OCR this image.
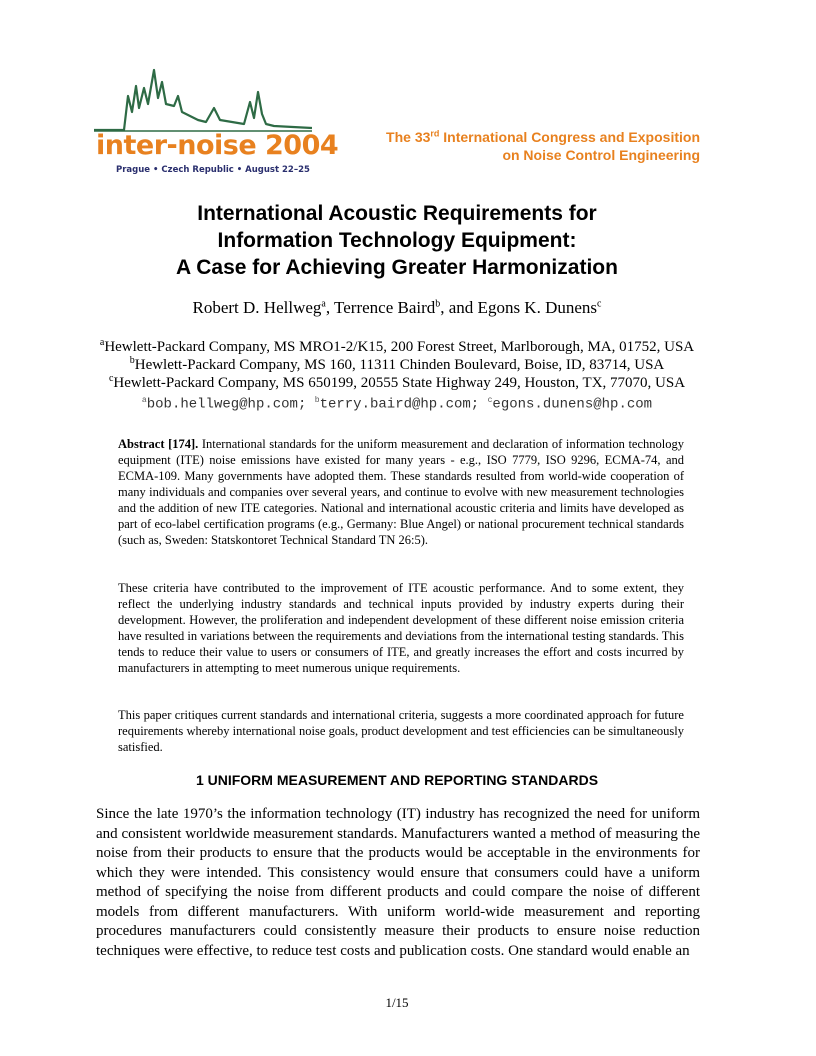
inter-noise 2004
Prague • Czech Republic • August 22–25
The 33rd International Congress and Exposition
on Noise Control Engineering
International Acoustic Requirements for
Information Technology Equipment:
A Case for Achieving Greater Harmonization
Robert D. Hellweg$^a$, Terrence Baird$^b$, and Egons K. Dunens$^c$
$^a$Hewlett-Packard Company, MS MRO1-2/K15, 200 Forest Street, Marlborough, MA, 01752, USA
$^b$Hewlett-Packard Company, MS 160, 11311 Chinden Boulevard, Boise, ID, 83714, USA
$^c$Hewlett-Packard Company, MS 650199, 20555 State Highway 249, Houston, TX, 77070, USA
$^a$bob.hellweg@hp.com; $^b$terry.baird@hp.com; $^c$egons.dunens@hp.com

Abstract [174]. International standards for the uniform measurement and declaration of information technology equipment (ITE) noise emissions have existed for many years - e.g., ISO 7779, ISO 9296, ECMA-74, and ECMA-109. Many governments have adopted them. These standards resulted from world-wide cooperation of many individuals and companies over several years, and continue to evolve with new measurement technologies and the addition of new ITE categories. National and international acoustic criteria and limits have developed as part of eco-label certification programs (e.g., Germany: Blue Angel) or national procurement technical standards (such as, Sweden: Statskontoret Technical Standard TN 26:5).

These criteria have contributed to the improvement of ITE acoustic performance. And to some extent, they reflect the underlying industry standards and technical inputs provided by industry experts during their development. However, the proliferation and independent development of these different noise emission criteria have resulted in variations between the requirements and deviations from the international testing standards. This tends to reduce their value to users or consumers of ITE, and greatly increases the effort and costs incurred by manufacturers in attempting to meet numerous unique requirements.

This paper critiques current standards and international criteria, suggests a more coordinated approach for future requirements whereby international noise goals, product development and test efficiencies can be simultaneously satisfied.

1 UNIFORM MEASUREMENT AND REPORTING STANDARDS

Since the late 1970’s the information technology (IT) industry has recognized the need for uniform and consistent worldwide measurement standards. Manufacturers wanted a method of measuring the noise from their products to ensure that the products would be acceptable in the environments for which they were intended. This consistency would ensure that consumers could have a uniform method of specifying the noise from different products and could compare the noise of different models from different manufacturers. With uniform world-wide measurement and reporting procedures manufacturers could consistently measure their products to ensure noise reduction techniques were effective, to reduce test costs and publication costs. One standard would enable an

1/15
